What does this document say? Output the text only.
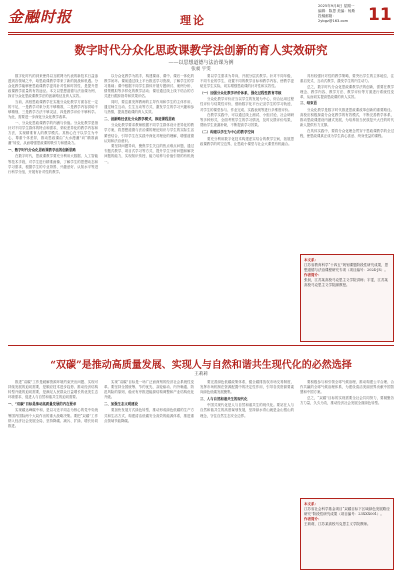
金融时报	理论
2025年9月8日 星期一
编辑：陈思 美编：杨斯
投稿邮箱：2ybgz@163.com	11
数字时代分众化思政课教学法创新的育人实效研究
——以思想道德与法治课为例
张昶 宇雯

数字化时代的到来使得以互联网为代表的新技术日益渗透到各领域之中，给思政课教学带来了新的挑战和机遇。分众化教学能够使思政课教学更具针对性和时效性，是提升思政课教学质量的有效途径。本文以思想道德与法治课为例，探讨分众化思政课教学法的创新路径及育人实效。

当前，高校思政课教学在实施分众化教学方面存在一定的不足，一是教学对象分类不够精准，二是教学内容供给不够精细，三是教学方法不够灵活，四是教学评价不够科学。为此，需要进一步深化分众化教学改革。

一、分众化思政课教学的内涵与价值。分众化教学是指针对不同学生群体的特点和需求，采取差异化的教学内容和方法，实现精准育人的教学模式。其核心在于以学生为中心，尊重个体差异，推动思政课由“大水漫灌”向“精准滴灌”转变，从而增强思政课的吸引力和感染力。

一、数字时代分众化思政课教学法的创新思路

在数字时代，思政课教学要充分利用大数据、人工智能等技术手段，对学生进行精准画像，了解学生的思想动态和学习需求，根据学生的专业背景、兴趣爱好、认知水平等进行科学分组，开展有针对性的教学。

以分众化教学为抓手，构建课前、课中、课后一体化的教学闭环。课前通过线上平台推送学习资源，了解学生的学习基础；课中根据不同学生群体开展专题研讨、案例分析、情景模拟等多样化的教学活动；课后通过线上线下结合的方式进行跟踪指导和效果评估。

同时，要注重发挥教师的主导作用和学生的主体作用，通过师生互动、生生互动等方式，激发学生的学习兴趣和参与热情，提高思政课的育人实效。

二、创新路径优化分众教学模式，推进课程思政

分众化教学要求教师根据不同学生群体设计差异化的教学方案，将思想道德与法治课的理论知识与学生的实际生活紧密结合，引导学生在实践中深化对理论的理解，增强道德认知和法治意识。

要坚持问题导向，聚焦学生关注的热点难点问题，通过专题式教学、项目式学习等方式，提升学生分析问题和解决问题的能力，实现知识传授、能力培养与价值引领的有机统一。

要以学生需求为导向，开展分层次教学。针对不同年级、不同专业的学生，设置不同的教学目标和教学内容，使教学更贴近学生实际，切实增强思政课的针对性和实效性。

（一）加强分众化教学评价体系，强化过程性教育考核

分众化教学评价应当以学生的发展为中心，综合运用过程性评价与结果性评价，借助数字化平台记录学生的学习轨迹，对学生的课堂参与、作业完成、实践表现等进行多维度评价。

在教学实践中，可以通过线上测试、小组讨论、社会调研等多种形式，全面考察学生的学习情况，及时反馈评价结果，帮助学生查漏补缺，不断提高学习效果。

（二）构建以学生为中心的教学空间

要充分利用数字化技术构建虚实结合的教学空间，拓展思政课教学的时空边界，让思政小课堂与社会大课堂有机融合。

具有较强针对性的教学策略，要突出学生的主体地位，注重启发式、互动式教学，激发学生的内生动力。

总之，数字时代分众化思政课教学法的创新，需要在教学理念、教学内容、教学方法、教学评价等方面进行系统性变革，从而切实提高思政课的育人实效。

三、结束语

分众化教学是数字时代推进思政课改革创新的重要路径。高校应积极探索分众化教学的有效模式，不断完善教学体系，推动思政课建设内涵式发展，为培养担当民族复兴大任的时代新人提供有力支撑。

在具体实践中，要将分众化理念贯穿于思政课教学的全过程，使思政课真正成为学生真心喜爱、终身受益的课程。

本文系：
江苏省教育科学“十四五”规划课题阶段性研究成果，思想道德与法治课程研究专项（项目编号：2024-JS）。
作者简介：
张昶，江苏某高校马克思主义学院讲师；宇雯，江苏某高校马克思主义学院副教授。
“双碳”是推动高质量发展、实现人与自然和谐共生现代化的必然选择
王莉莉

推进“双碳”工作是破解资源环境约束突出问题、实现可持续发展的迫切需要，是顺应技术进步趋势、推动经济结构转型升级的迫切需要，是满足人民群众日益增长的优美生态环境需求、促进人与自然和谐共生的迫切需要。

一、“双碳”目标是推动高质量发展的内在要求

实现碳达峰碳中和，是以习近平同志为核心的党中央统筹国内国际两个大局作出的重大战略决策。要把“双碳”工作纳入经济社会发展全局，坚持降碳、减污、扩绿、增长协同推进。

实现“双碳”目标是一场广泛而深刻的经济社会系统性变革。要坚持全国统筹、节约优先、双轮驱动、内外畅通、防范风险的原则，稳妥有序推进能源结构调整和产业结构优化升级。

二、加强生态文明建设

要加快发展方式绿色转型，推动形成绿色低碳的生产方式和生活方式，构建清洁低碳安全高效的能源体系，推进重点领域节能降碳。

要完善绿色低碳政策体系，健全碳排放权市场交易制度，发挥市场机制在资源配置中的决定性作用，引导各类资源要素向绿色低碳发展聚集。

三、人与自然和谐共生的现代化

中国式现代化是人与自然和谐共生的现代化。要站在人与自然和谐共生的高度谋划发展，坚持绿水青山就是金山银山的理念，守住自然生态安全边界。

要积极参与和引领全球气候治理，推动构建公平合理、合作共赢的全球气候治理体系，为建设清洁美丽世界贡献中国智慧和中国方案。

总之，“双碳”目标的实现需要全社会共同努力，要凝聚各方力量，久久为功，推动经济社会发展全面绿色转型。

本文系：
江苏省社会科学基金项目“双碳目标下区域绿色发展路径研究”阶段性研究成果（项目编号：23XXX001）。
作者简介：
王莉莉，江苏某高校马克思主义学院教师。
